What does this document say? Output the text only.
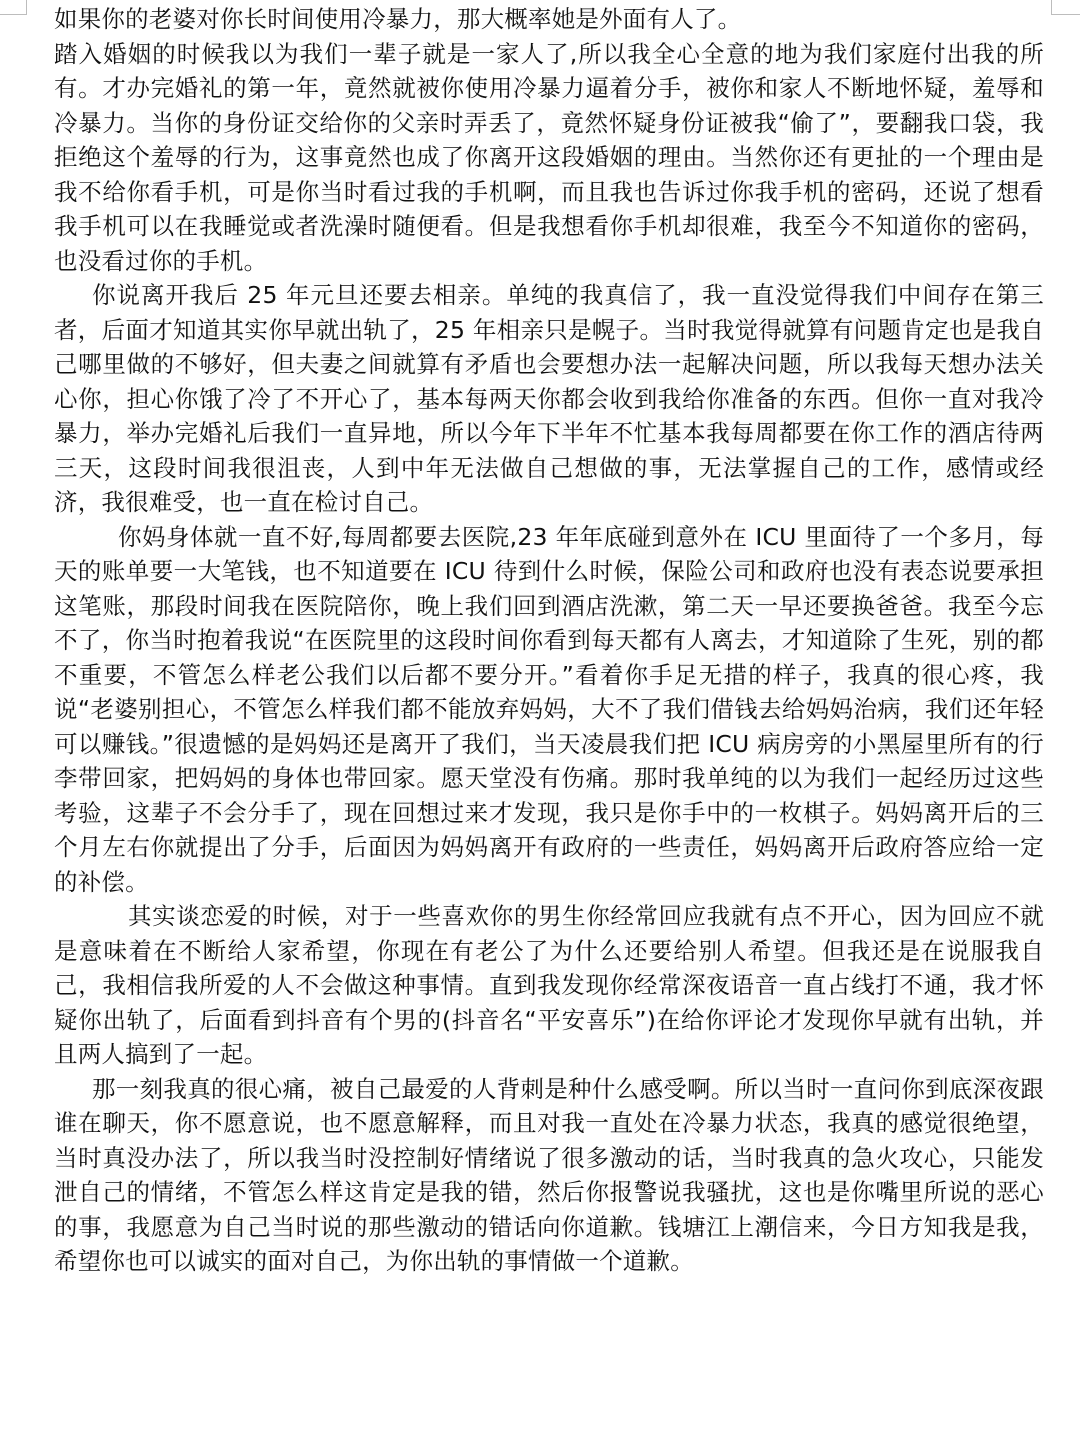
如果你的老婆对你长时间使用冷暴力，那大概率她是外面有人了。

踏入婚姻的时候我以为我们一辈子就是一家人了,所以我全心全意的地为我们家庭付出我的所有。才办完婚礼的第一年，竟然就被你使用冷暴力逼着分手，被你和家人不断地怀疑，羞辱和冷暴力。当你的身份证交给你的父亲时弄丢了，竟然怀疑身份证被我“偷了”，要翻我口袋，我拒绝这个羞辱的行为，这事竟然也成了你离开这段婚姻的理由。当然你还有更扯的一个理由是我不给你看手机，可是你当时看过我的手机啊，而且我也告诉过你我手机的密码，还说了想看我手机可以在我睡觉或者洗澡时随便看。但是我想看你手机却很难，我至今不知道你的密码，也没看过你的手机。

你说离开我后 25 年元旦还要去相亲。单纯的我真信了，我一直没觉得我们中间存在第三者，后面才知道其实你早就出轨了，25 年相亲只是幌子。当时我觉得就算有问题肯定也是我自己哪里做的不够好，但夫妻之间就算有矛盾也会要想办法一起解决问题，所以我每天想办法关心你，担心你饿了冷了不开心了，基本每两天你都会收到我给你准备的东西。但你一直对我冷暴力，举办完婚礼后我们一直异地，所以今年下半年不忙基本我每周都要在你工作的酒店待两三天，这段时间我很沮丧，人到中年无法做自己想做的事，无法掌握自己的工作，感情或经济，我很难受，也一直在检讨自己。

你妈身体就一直不好,每周都要去医院,23 年年底碰到意外在 ICU 里面待了一个多月，每天的账单要一大笔钱，也不知道要在 ICU 待到什么时候，保险公司和政府也没有表态说要承担这笔账，那段时间我在医院陪你，晚上我们回到酒店洗漱，第二天一早还要换爸爸。我至今忘不了，你当时抱着我说“在医院里的这段时间你看到每天都有人离去，才知道除了生死，别的都不重要，不管怎么样老公我们以后都不要分开。”看着你手足无措的样子，我真的很心疼，我说“老婆别担心，不管怎么样我们都不能放弃妈妈，大不了我们借钱去给妈妈治病，我们还年轻可以赚钱。”很遗憾的是妈妈还是离开了我们，当天凌晨我们把 ICU 病房旁的小黑屋里所有的行李带回家，把妈妈的身体也带回家。愿天堂没有伤痛。那时我单纯的以为我们一起经历过这些考验，这辈子不会分手了，现在回想过来才发现，我只是你手中的一枚棋子。妈妈离开后的三个月左右你就提出了分手，后面因为妈妈离开有政府的一些责任，妈妈离开后政府答应给一定的补偿。

其实谈恋爱的时候，对于一些喜欢你的男生你经常回应我就有点不开心，因为回应不就是意味着在不断给人家希望，你现在有老公了为什么还要给别人希望。但我还是在说服我自己，我相信我所爱的人不会做这种事情。直到我发现你经常深夜语音一直占线打不通，我才怀疑你出轨了，后面看到抖音有个男的(抖音名“平安喜乐”)在给你评论才发现你早就有出轨，并且两人搞到了一起。

那一刻我真的很心痛，被自己最爱的人背刺是种什么感受啊。所以当时一直问你到底深夜跟谁在聊天，你不愿意说，也不愿意解释，而且对我一直处在冷暴力状态，我真的感觉很绝望，当时真没办法了，所以我当时没控制好情绪说了很多激动的话，当时我真的急火攻心，只能发泄自己的情绪，不管怎么样这肯定是我的错，然后你报警说我骚扰，这也是你嘴里所说的恶心的事，我愿意为自己当时说的那些激动的错话向你道歉。钱塘江上潮信来，今日方知我是我，希望你也可以诚实的面对自己，为你出轨的事情做一个道歉。
